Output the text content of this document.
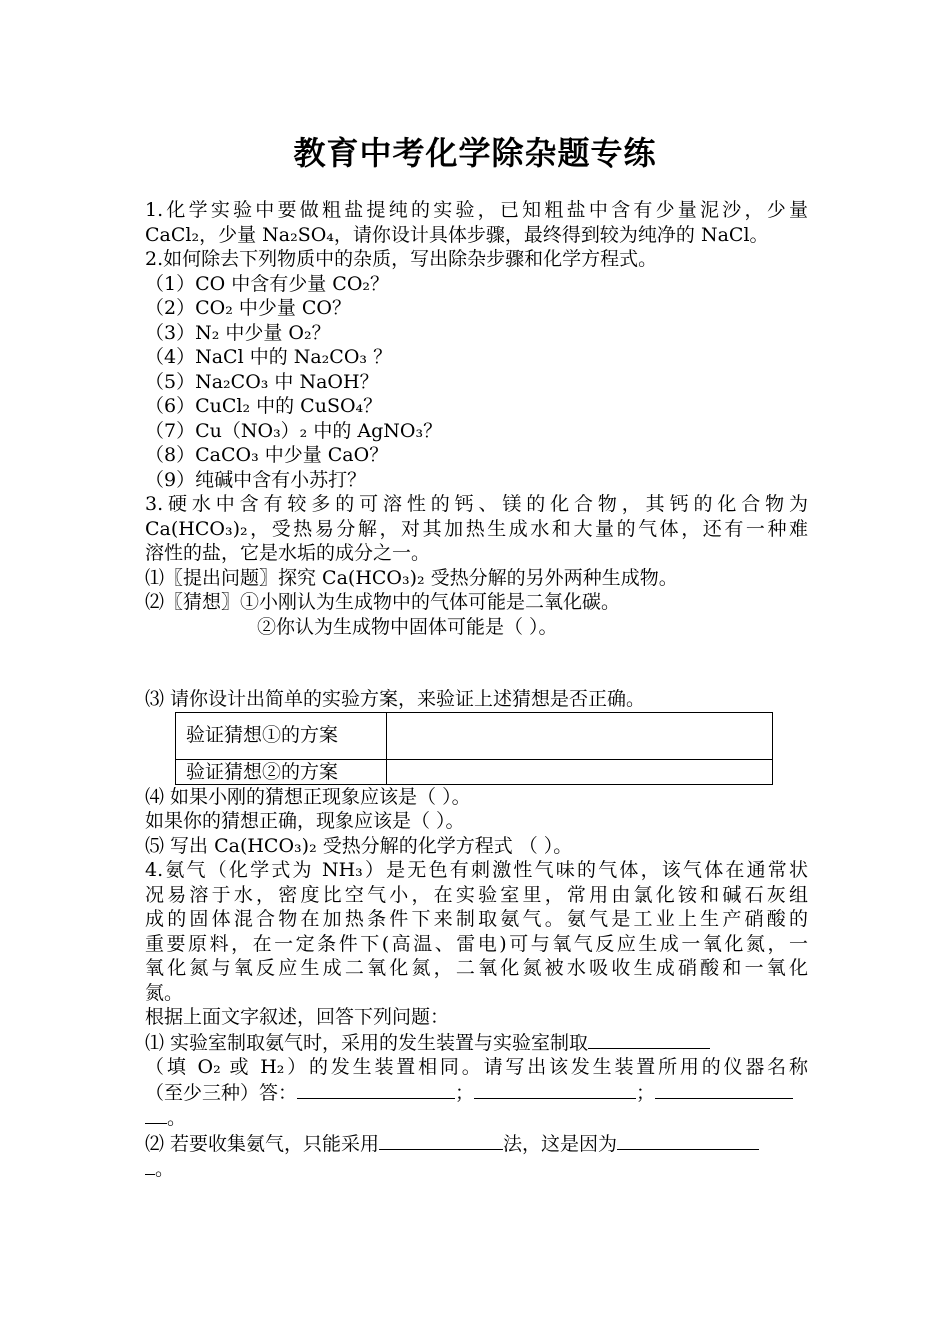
教育中考化学除杂题专练
1.化学实验中要做粗盐提纯的实验，已知粗盐中含有少量泥沙，少量
CaCl₂，少量 Na₂SO₄，请你设计具体步骤，最终得到较为纯净的 NaCl。
2.如何除去下列物质中的杂质，写出除杂步骤和化学方程式。
（1）CO 中含有少量 CO₂？
（2）CO₂ 中少量 CO？
（3）N₂ 中少量 O₂？
（4）NaCl 中的 Na₂CO₃ ？
（5）Na₂CO₃ 中 NaOH？
（6）CuCl₂ 中的 CuSO₄？
（7）Cu（NO₃）₂ 中的 AgNO₃？
（8）CaCO₃ 中少量 CaO？
（9）纯碱中含有小苏打？
3.硬水中含有较多的可溶性的钙、镁的化合物，其钙的化合物为
Ca(HCO₃)₂，受热易分解，对其加热生成水和大量的气体，还有一种难
溶性的盐，它是水垢的成分之一。
⑴〖提出问题〗探究 Ca(HCO₃)₂ 受热分解的另外两种生成物。
⑵〖猜想〗①小刚认为生成物中的气体可能是二氧化碳。
②你认为生成物中固体可能是（ ）。
⑶ 请你设计出简单的实验方案，来验证上述猜想是否正确。
验证猜想①的方案	
验证猜想②的方案	
⑷ 如果小刚的猜想正现象应该是（ ）。
如果你的猜想正确，现象应该是（ ）。
⑸ 写出 Ca(HCO₃)₂ 受热分解的化学方程式 （ ）。
4.氨气（化学式为 NH₃）是无色有刺激性气味的气体，该气体在通常状
况易溶于水，密度比空气小，在实验室里，常用由氯化铵和碱石灰组
成的固体混合物在加热条件下来制取氨气。氨气是工业上生产硝酸的
重要原料，在一定条件下(高温、雷电)可与氧气反应生成一氧化氮，一
氧化氮与氧反应生成二氧化氮，二氧化氮被水吸收生成硝酸和一氧化
氮。
根据上面文字叙述，回答下列问题：
⑴ 实验室制取氨气时，采用的发生装置与实验室制取
（填 O₂ 或 H₂）的发生装置相同。请写出该发生装置所用的仪器名称
（至少三种）答：	；	；
。
⑵ 若要收集氨气，只能采用	法，这是因为
。
